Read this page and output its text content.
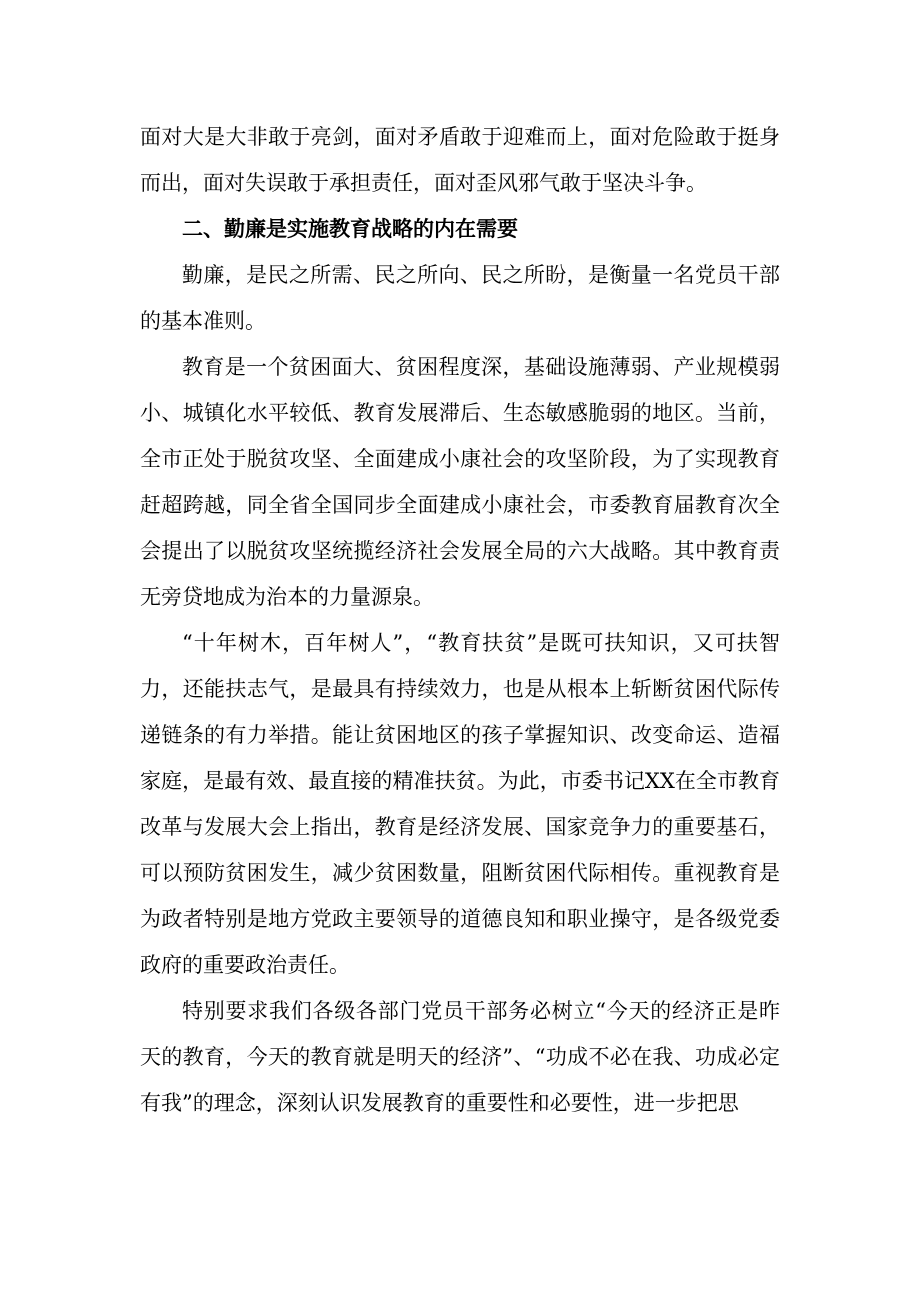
面对大是大非敢于亮剑，面对矛盾敢于迎难而上，面对危险敢于挺身而出，面对失误敢于承担责任，面对歪风邪气敢于坚决斗争。

二、勤廉是实施教育战略的内在需要

勤廉，是民之所需、民之所向、民之所盼，是衡量一名党员干部的基本准则。

教育是一个贫困面大、贫困程度深，基础设施薄弱、产业规模弱小、城镇化水平较低、教育发展滞后、生态敏感脆弱的地区。当前，全市正处于脱贫攻坚、全面建成小康社会的攻坚阶段，为了实现教育赶超跨越，同全省全国同步全面建成小康社会，市委教育届教育次全会提出了以脱贫攻坚统揽经济社会发展全局的六大战略。其中教育责无旁贷地成为治本的力量源泉。

“十年树木，百年树人”，“教育扶贫”是既可扶知识，又可扶智力，还能扶志气，是最具有持续效力，也是从根本上斩断贫困代际传递链条的有力举措。能让贫困地区的孩子掌握知识、改变命运、造福家庭，是最有效、最直接的精准扶贫。为此，市委书记XX在全市教育改革与发展大会上指出，教育是经济发展、国家竞争力的重要基石，可以预防贫困发生，减少贫困数量，阻断贫困代际相传。重视教育是为政者特别是地方党政主要领导的道德良知和职业操守，是各级党委政府的重要政治责任。

特别要求我们各级各部门党员干部务必树立“今天的经济正是昨天的教育，今天的教育就是明天的经济”、“功成不必在我、功成必定有我”的理念，深刻认识发展教育的重要性和必要性，进一步把思
